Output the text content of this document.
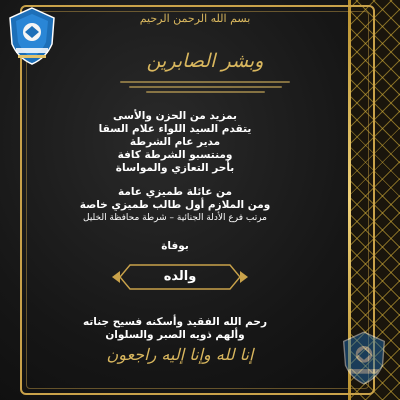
بسم الله الرحمن الرحيم
وبشر الصابرين
بمزيد من الحزن والأسى
يتقدم السيد اللواء علام السقا
مدير عام الشرطة
ومنتسبو الشرطة كافة
بأحر التعازي والمواساة
من عائلة طميزي عامة
ومن الملازم أول طالب طميزي خاصة
مرتب فرع الأدلة الجنائية – شرطة محافظة الخليل
بوفاة
والده
رحم الله الفقيد وأسكنه فسيح جناته
وألهم ذويه الصبر والسلوان
إنا لله وإنا إليه راجعون
